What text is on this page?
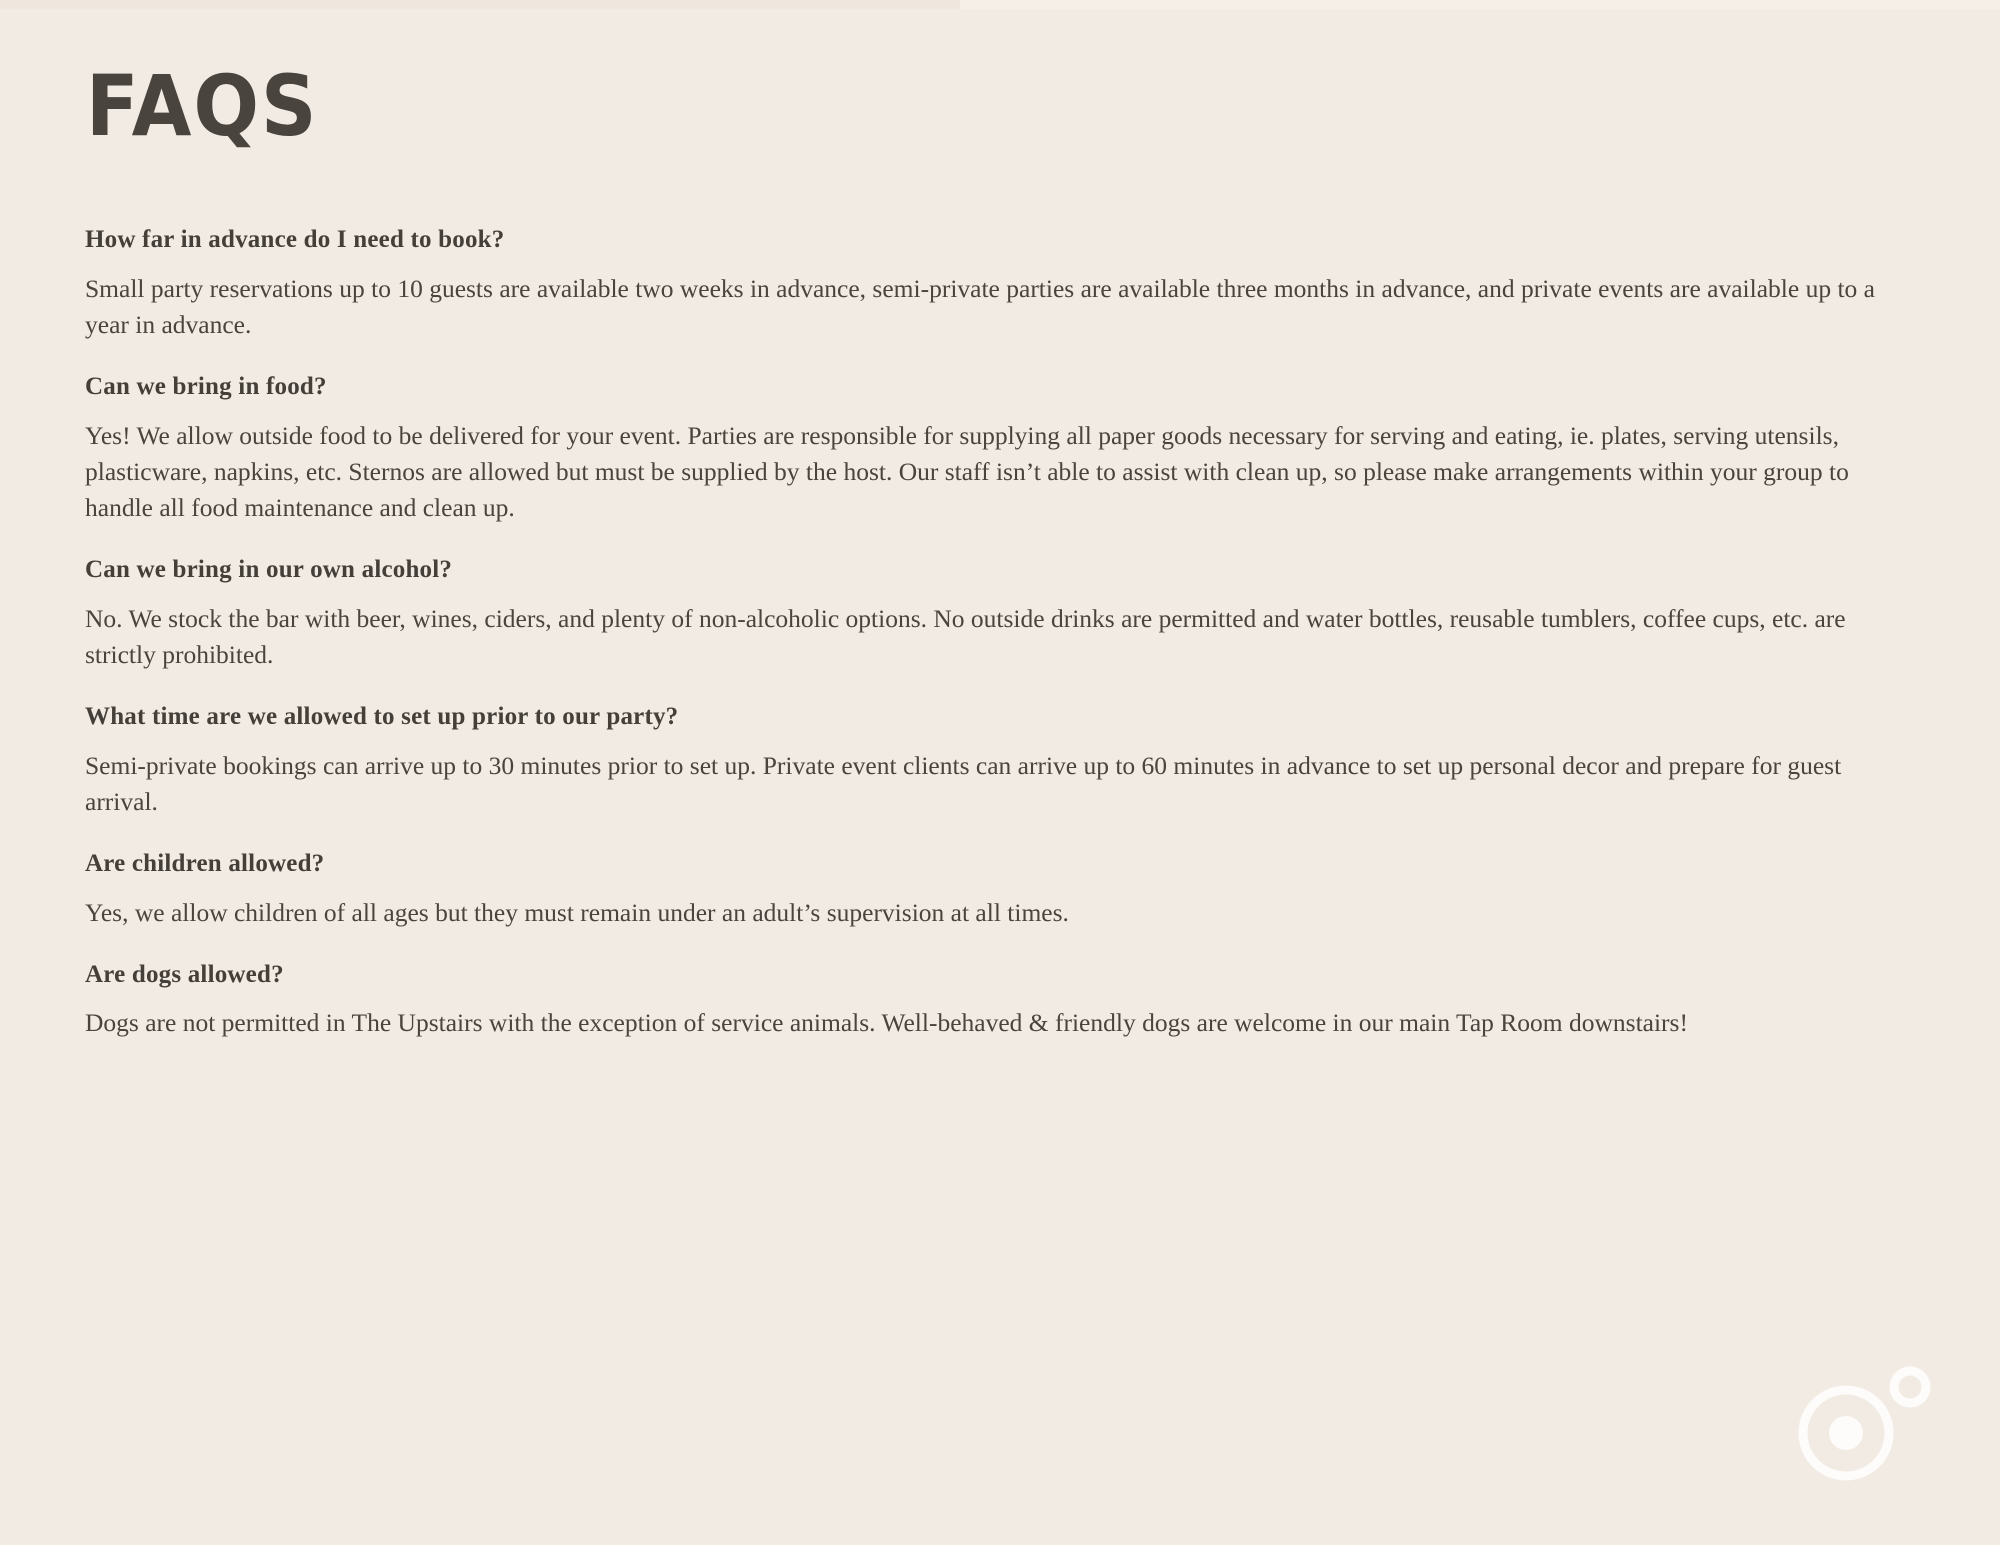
FAQS
How far in advance do I need to book?
Small party reservations up to 10 guests are available two weeks in advance, semi-private parties are available three months in advance, and private events are available up to a year in advance.
Can we bring in food?
Yes! We allow outside food to be delivered for your event. Parties are responsible for supplying all paper goods necessary for serving and eating, ie. plates, serving utensils, plasticware, napkins, etc. Sternos are allowed but must be supplied by the host. Our staff isn’t able to assist with clean up, so please make arrangements within your group to handle all food maintenance and clean up.
Can we bring in our own alcohol?
No. We stock the bar with beer, wines, ciders, and plenty of non-alcoholic options. No outside drinks are permitted and water bottles, reusable tumblers, coffee cups, etc. are strictly prohibited.
What time are we allowed to set up prior to our party?
Semi-private bookings can arrive up to 30 minutes prior to set up. Private event clients can arrive up to 60 minutes in advance to set up personal decor and prepare for guest arrival.
Are children allowed?
Yes, we allow children of all ages but they must remain under an adult’s supervision at all times.
Are dogs allowed?
Dogs are not permitted in The Upstairs with the exception of service animals. Well-behaved & friendly dogs are welcome in our main Tap Room downstairs!
